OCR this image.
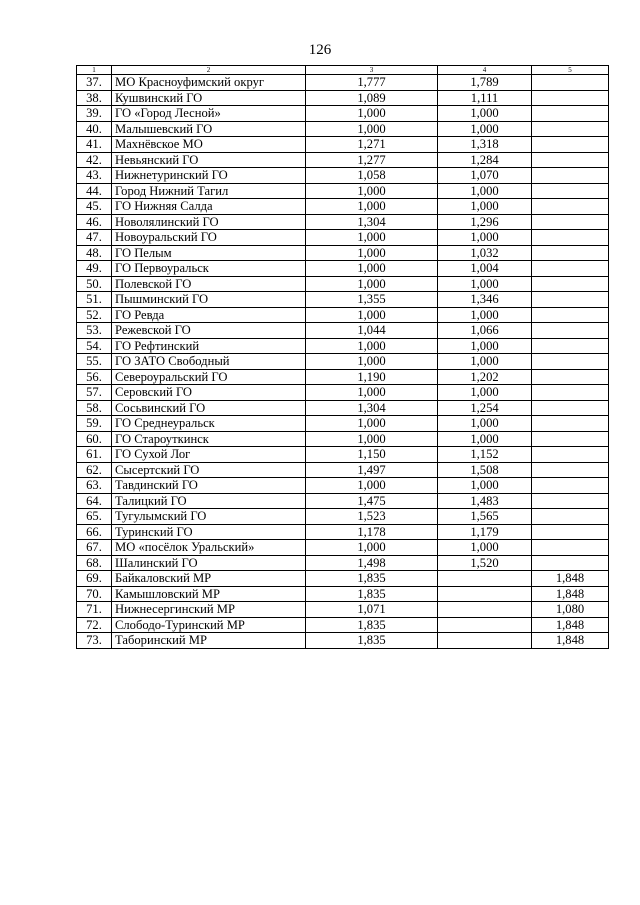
126
1	2	3	4	5
37.	МО Красноуфимский округ	1,777	1,789	
38.	Кушвинский ГО	1,089	1,111	
39.	ГО «Город Лесной»	1,000	1,000	
40.	Малышевский ГО	1,000	1,000	
41.	Махнёвское МО	1,271	1,318	
42.	Невьянский ГО	1,277	1,284	
43.	Нижнетуринский ГО	1,058	1,070	
44.	Город Нижний Тагил	1,000	1,000	
45.	ГО Нижняя Салда	1,000	1,000	
46.	Новолялинский ГО	1,304	1,296	
47.	Новоуральский ГО	1,000	1,000	
48.	ГО Пелым	1,000	1,032	
49.	ГО Первоуральск	1,000	1,004	
50.	Полевской ГО	1,000	1,000	
51.	Пышминский ГО	1,355	1,346	
52.	ГО Ревда	1,000	1,000	
53.	Режевской ГО	1,044	1,066	
54.	ГО Рефтинский	1,000	1,000	
55.	ГО ЗАТО Свободный	1,000	1,000	
56.	Североуральский ГО	1,190	1,202	
57.	Серовский ГО	1,000	1,000	
58.	Сосьвинский ГО	1,304	1,254	
59.	ГО Среднеуральск	1,000	1,000	
60.	ГО Староуткинск	1,000	1,000	
61.	ГО Сухой Лог	1,150	1,152	
62.	Сысертский ГО	1,497	1,508	
63.	Тавдинский ГО	1,000	1,000	
64.	Талицкий ГО	1,475	1,483	
65.	Тугулымский ГО	1,523	1,565	
66.	Туринский ГО	1,178	1,179	
67.	МО «посёлок Уральский»	1,000	1,000	
68.	Шалинский ГО	1,498	1,520	
69.	Байкаловский МР	1,835		1,848
70.	Камышловский МР	1,835		1,848
71.	Нижнесергинский МР	1,071		1,080
72.	Слободо-Туринский МР	1,835		1,848
73.	Таборинский МР	1,835		1,848
